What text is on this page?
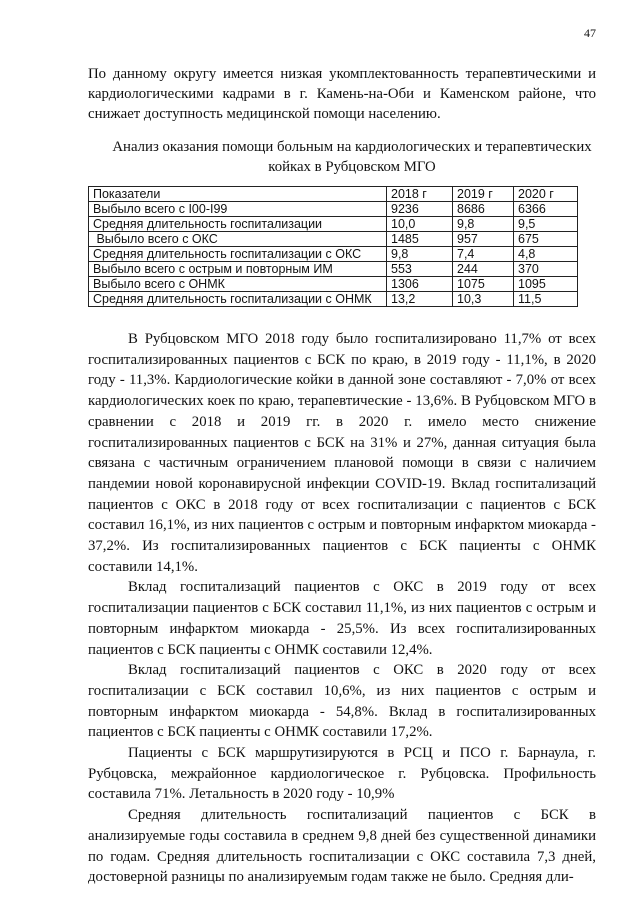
47
По данному округу имеется низкая укомплектованность терапевтическими и кардиологическими кадрами в г. Камень-на-Оби и Каменском районе, что снижает доступность медицинской помощи населению.
Анализ оказания помощи больным на кардиологических и терапевтических койках в Рубцовском МГО
Показатели	2018 г	2019 г	2020 г
Выбыло всего с I00-I99	9236	8686	6366
Средняя длительность госпитализации	10,0	9,8	9,5
Выбыло всего с ОКС	1485	957	675
Средняя длительность госпитализации с ОКС	9,8	7,4	4,8
Выбыло всего с острым и повторным ИМ	553	244	370
Выбыло всего с ОНМК	1306	1075	1095
Средняя длительность госпитализации с ОНМК	13,2	10,3	11,5

В Рубцовском МГО 2018 году было госпитализировано 11,7% от всех госпитализированных пациентов с БСК по краю, в 2019 году - 11,1%, в 2020 году - 11,3%. Кардиологические койки в данной зоне составляют - 7,0% от всех кардиологических коек по краю, терапевтические - 13,6%. В Рубцовском МГО в сравнении с 2018 и 2019 гг. в 2020 г. имело место снижение госпитализированных пациентов с БСК на 31% и 27%, данная ситуация была связана с частичным ограничением плановой помощи в связи с наличием пандемии новой коронавирусной инфекции COVID-19. Вклад госпитализаций пациентов с ОКС в 2018 году от всех госпитализации с пациентов с БСК составил 16,1%, из них пациентов с острым и повторным инфарктом миокарда - 37,2%. Из госпитализированных пациентов с БСК пациенты с ОНМК составили 14,1%.

Вклад госпитализаций пациентов с ОКС в 2019 году от всех госпитализации пациентов с БСК составил 11,1%, из них пациентов с острым и повторным инфарктом миокарда - 25,5%. Из всех госпитализированных пациентов с БСК пациенты с ОНМК составили 12,4%.

Вклад госпитализаций пациентов с ОКС в 2020 году от всех госпитализации с БСК составил 10,6%, из них пациентов с острым и повторным инфарктом миокарда - 54,8%. Вклад в госпитализированных пациентов с БСК пациенты с ОНМК составили 17,2%.

Пациенты с БСК маршрутизируются в РСЦ и ПСО г. Барнаула, г. Рубцовска, межрайонное кардиологическое г. Рубцовска. Профильность составила 71%. Летальность в 2020 году - 10,9%

Средняя длительность госпитализаций пациентов с БСК в анализируемые годы составила в среднем 9,8 дней без существенной динамики по годам. Средняя длительность госпитализации с ОКС составила 7,3 дней, достоверной разницы по анализируемым годам также не было. Средняя дли-
